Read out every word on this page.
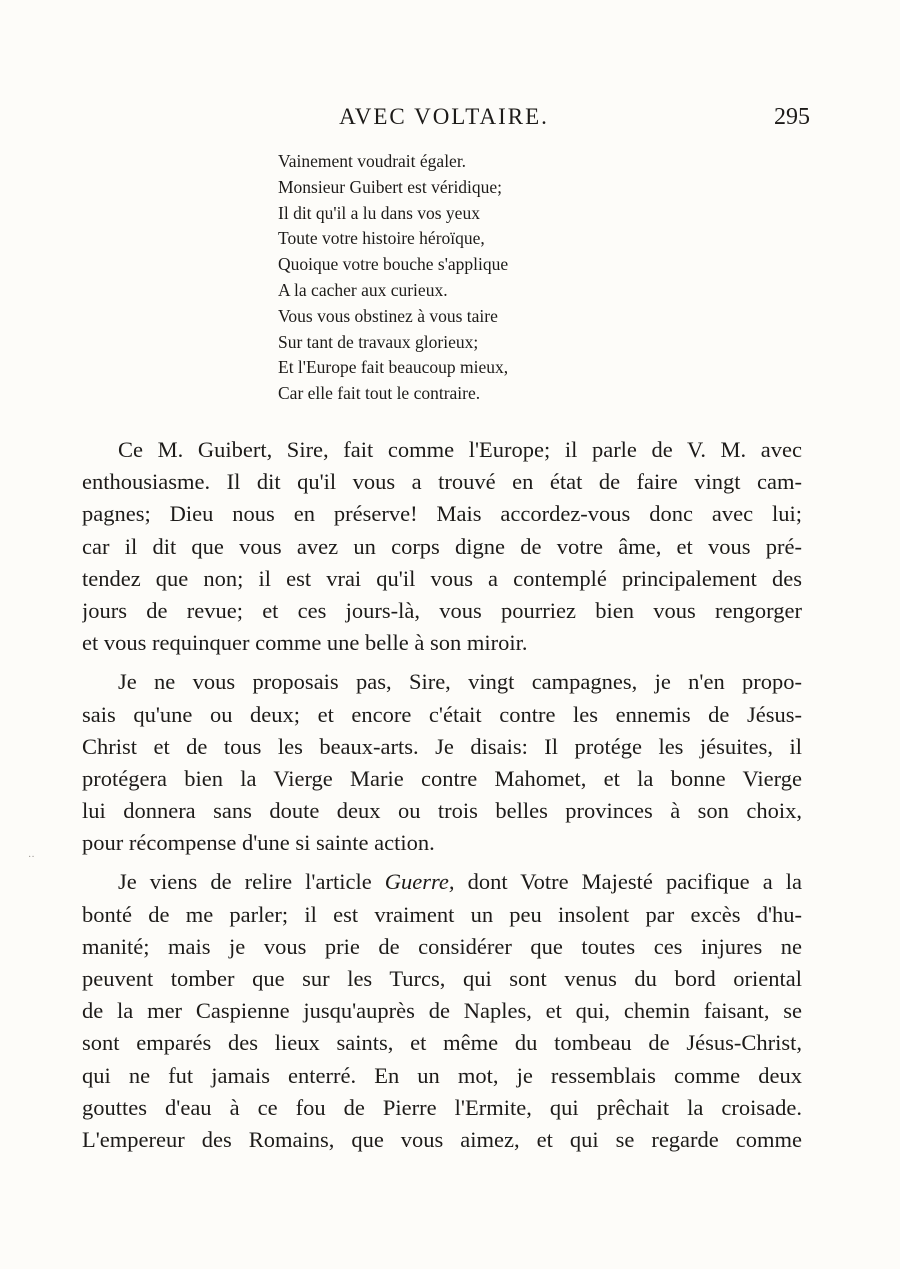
AVEC VOLTAIRE.	295
Vainement voudrait égaler.
Monsieur Guibert est véridique;
Il dit qu'il a lu dans vos yeux
Toute votre histoire héroïque,
Quoique votre bouche s'applique
A la cacher aux curieux.
Vous vous obstinez à vous taire
Sur tant de travaux glorieux;
Et l'Europe fait beaucoup mieux,
Car elle fait tout le contraire.
Ce M. Guibert, Sire, fait comme l'Europe; il parle de V. M. avec
enthousiasme. Il dit qu'il vous a trouvé en état de faire vingt cam-
pagnes; Dieu nous en préserve! Mais accordez-vous donc avec lui;
car il dit que vous avez un corps digne de votre âme, et vous pré-
tendez que non; il est vrai qu'il vous a contemplé principalement des
jours de revue; et ces jours-là, vous pourriez bien vous rengorger
et vous requinquer comme une belle à son miroir.
Je ne vous proposais pas, Sire, vingt campagnes, je n'en propo-
sais qu'une ou deux; et encore c'était contre les ennemis de Jésus-
Christ et de tous les beaux-arts. Je disais: Il protége les jésuites, il
protégera bien la Vierge Marie contre Mahomet, et la bonne Vierge
lui donnera sans doute deux ou trois belles provinces à son choix,
pour récompense d'une si sainte action.
Je viens de relire l'article Guerre, dont Votre Majesté pacifique a la
bonté de me parler; il est vraiment un peu insolent par excès d'hu-
manité; mais je vous prie de considérer que toutes ces injures ne
peuvent tomber que sur les Turcs, qui sont venus du bord oriental
de la mer Caspienne jusqu'auprès de Naples, et qui, chemin faisant, se
sont emparés des lieux saints, et même du tombeau de Jésus-Christ,
qui ne fut jamais enterré. En un mot, je ressemblais comme deux
gouttes d'eau à ce fou de Pierre l'Ermite, qui prêchait la croisade.
L'empereur des Romains, que vous aimez, et qui se regarde comme
··
